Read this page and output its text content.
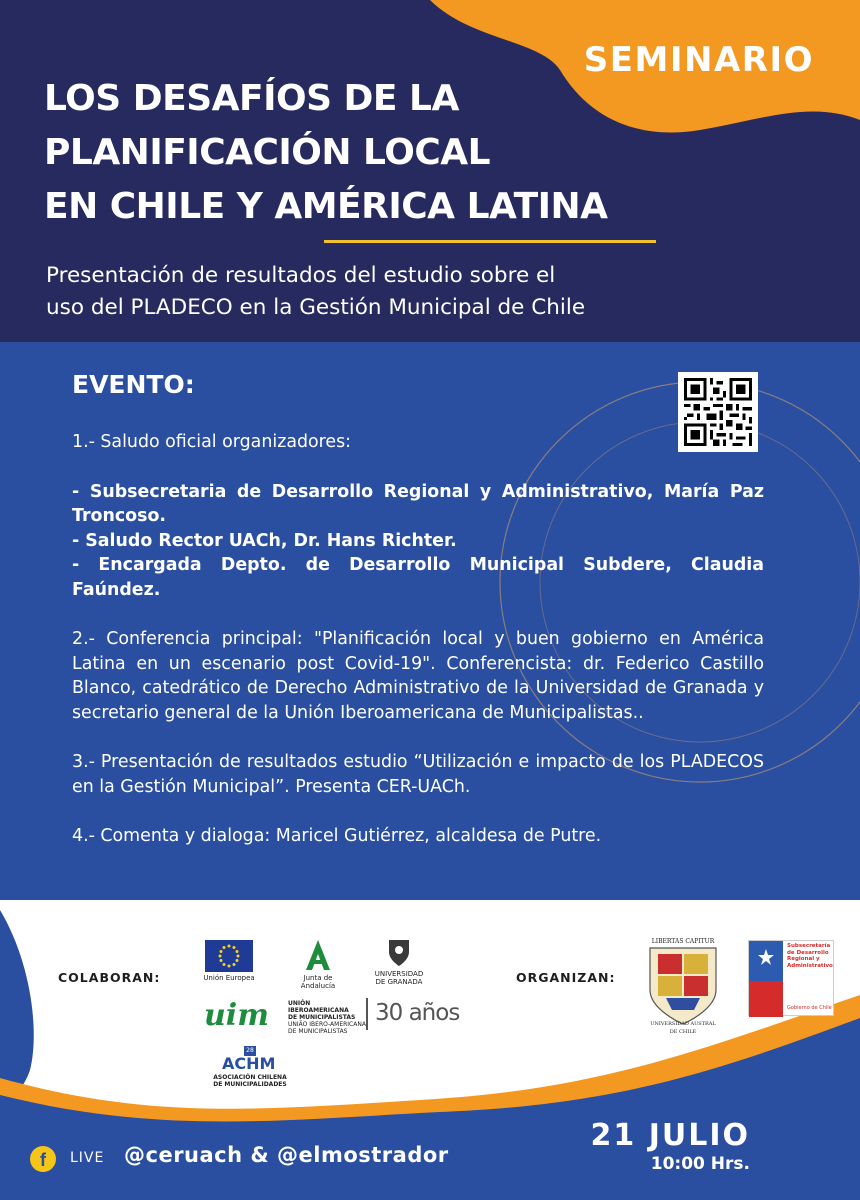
SEMINARIO
LOS DESAFÍOS DE LA
PLANIFICACIÓN LOCAL
EN CHILE Y AMÉRICA LATINA
Presentación de resultados del estudio sobre el
uso del PLADECO en la Gestión Municipal de Chile
EVENTO:

1.- Saludo oficial organizadores:

- Subsecretaria de Desarrollo Regional y Administrativo, María Paz Troncoso.

- Saludo Rector UACh, Dr. Hans Richter.

- Encargada Depto. de Desarrollo Municipal Subdere, Claudia Faúndez.

2.- Conferencia principal: "Planificación local y buen gobierno en América Latina en un escenario post Covid-19". Conferencista: dr. Federico Castillo Blanco, catedrático de Derecho Administrativo de la Universidad de Granada y secretario general de la Unión Iberoamericana de Municipalistas..

3.- Presentación de resultados estudio “Utilización e impacto de los PLADECOS en la Gestión Municipal”. Presenta CER-UACh.

4.- Comenta y dialoga: Maricel Gutiérrez, alcaldesa de Putre.

COLABORAN:	ORGANIZAN:
Unión Europea	Junta de Andalucía
UNIVERSIDAD
DE GRANADA
uim	UNIÓN IBEROAMERICANA
DE MUNICIPALISTAS
UNIÃO IBERO-AMERICANA
DE MUNICIPALISTAS
30 años
28
ACHM
ASOCIACIÓN CHILENA
DE MUNICIPALIDADES
LIBERTAS CAPITUR
UNIVERSIDAD AUSTRAL DE CHILE
Subsecretaría
de Desarrollo
Regional y
Administrativo
Gobierno de Chile
21 JULIO
10:00 Hrs.
f	LIVE @ceruach & @elmostrador
